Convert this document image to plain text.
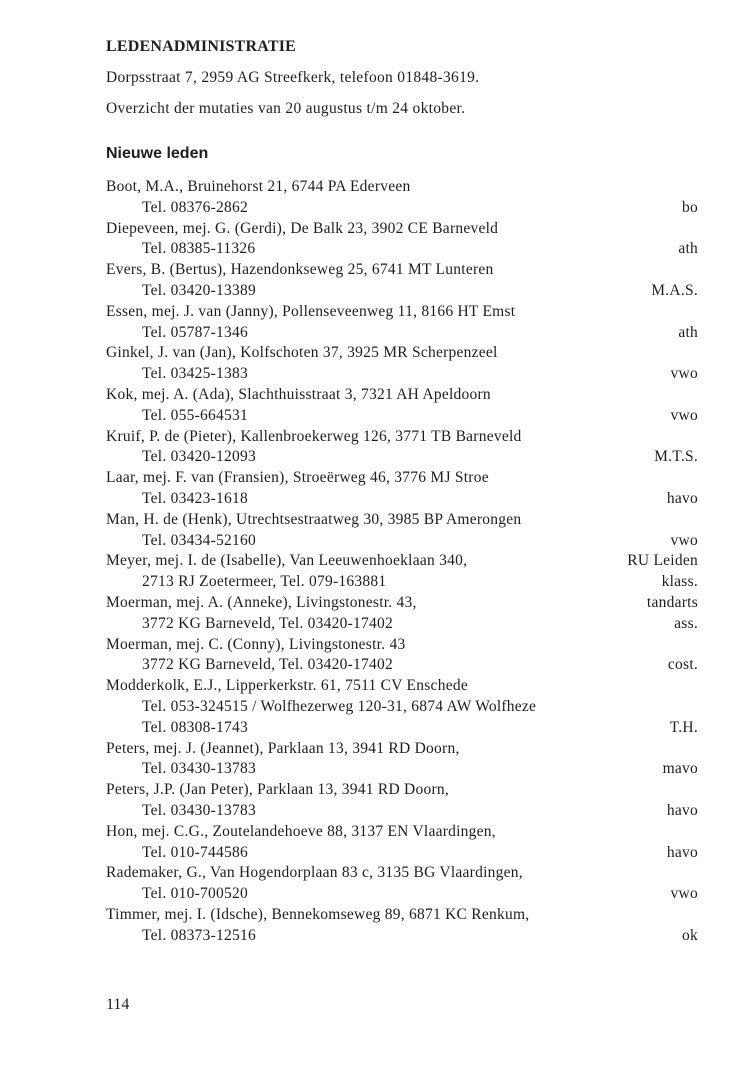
LEDENADMINISTRATIE
Dorpsstraat 7, 2959 AG Streefkerk, telefoon 01848-3619.
Overzicht der mutaties van 20 augustus t/m 24 oktober.
Nieuwe leden
Boot, M.A., Bruinehorst 21, 6744 PA Ederveen
Tel. 08376-2862	bo
Diepeveen, mej. G. (Gerdi), De Balk 23, 3902 CE Barneveld
Tel. 08385-11326	ath
Evers, B. (Bertus), Hazendonkseweg 25, 6741 MT Lunteren
Tel. 03420-13389	M.A.S.
Essen, mej. J. van (Janny), Pollenseveenweg 11, 8166 HT Emst
Tel. 05787-1346	ath
Ginkel, J. van (Jan), Kolfschoten 37, 3925 MR Scherpenzeel
Tel. 03425-1383	vwo
Kok, mej. A. (Ada), Slachthuisstraat 3, 7321 AH Apeldoorn
Tel. 055-664531	vwo
Kruif, P. de (Pieter), Kallenbroekerweg 126, 3771 TB Barneveld
Tel. 03420-12093	M.T.S.
Laar, mej. F. van (Fransien), Stroeërweg 46, 3776 MJ Stroe
Tel. 03423-1618	havo
Man, H. de (Henk), Utrechtsestraatweg 30, 3985 BP Amerongen
Tel. 03434-52160	vwo
Meyer, mej. I. de (Isabelle), Van Leeuwenhoeklaan 340,	RU Leiden
2713 RJ Zoetermeer, Tel. 079-163881	klass.
Moerman, mej. A. (Anneke), Livingstonestr. 43,	tandarts
3772 KG Barneveld, Tel. 03420-17402	ass.
Moerman, mej. C. (Conny), Livingstonestr. 43
3772 KG Barneveld, Tel. 03420-17402	cost.
Modderkolk, E.J., Lipperkerkstr. 61, 7511 CV Enschede
Tel. 053-324515 / Wolfhezerweg 120-31, 6874 AW Wolfheze
Tel. 08308-1743	T.H.
Peters, mej. J. (Jeannet), Parklaan 13, 3941 RD Doorn,
Tel. 03430-13783	mavo
Peters, J.P. (Jan Peter), Parklaan 13, 3941 RD Doorn,
Tel. 03430-13783	havo
Hon, mej. C.G., Zoutelandehoeve 88, 3137 EN Vlaardingen,
Tel. 010-744586	havo
Rademaker, G., Van Hogendorplaan 83 c, 3135 BG Vlaardingen,
Tel. 010-700520	vwo
Timmer, mej. I. (Idsche), Bennekomseweg 89, 6871 KC Renkum,
Tel. 08373-12516	ok
114
